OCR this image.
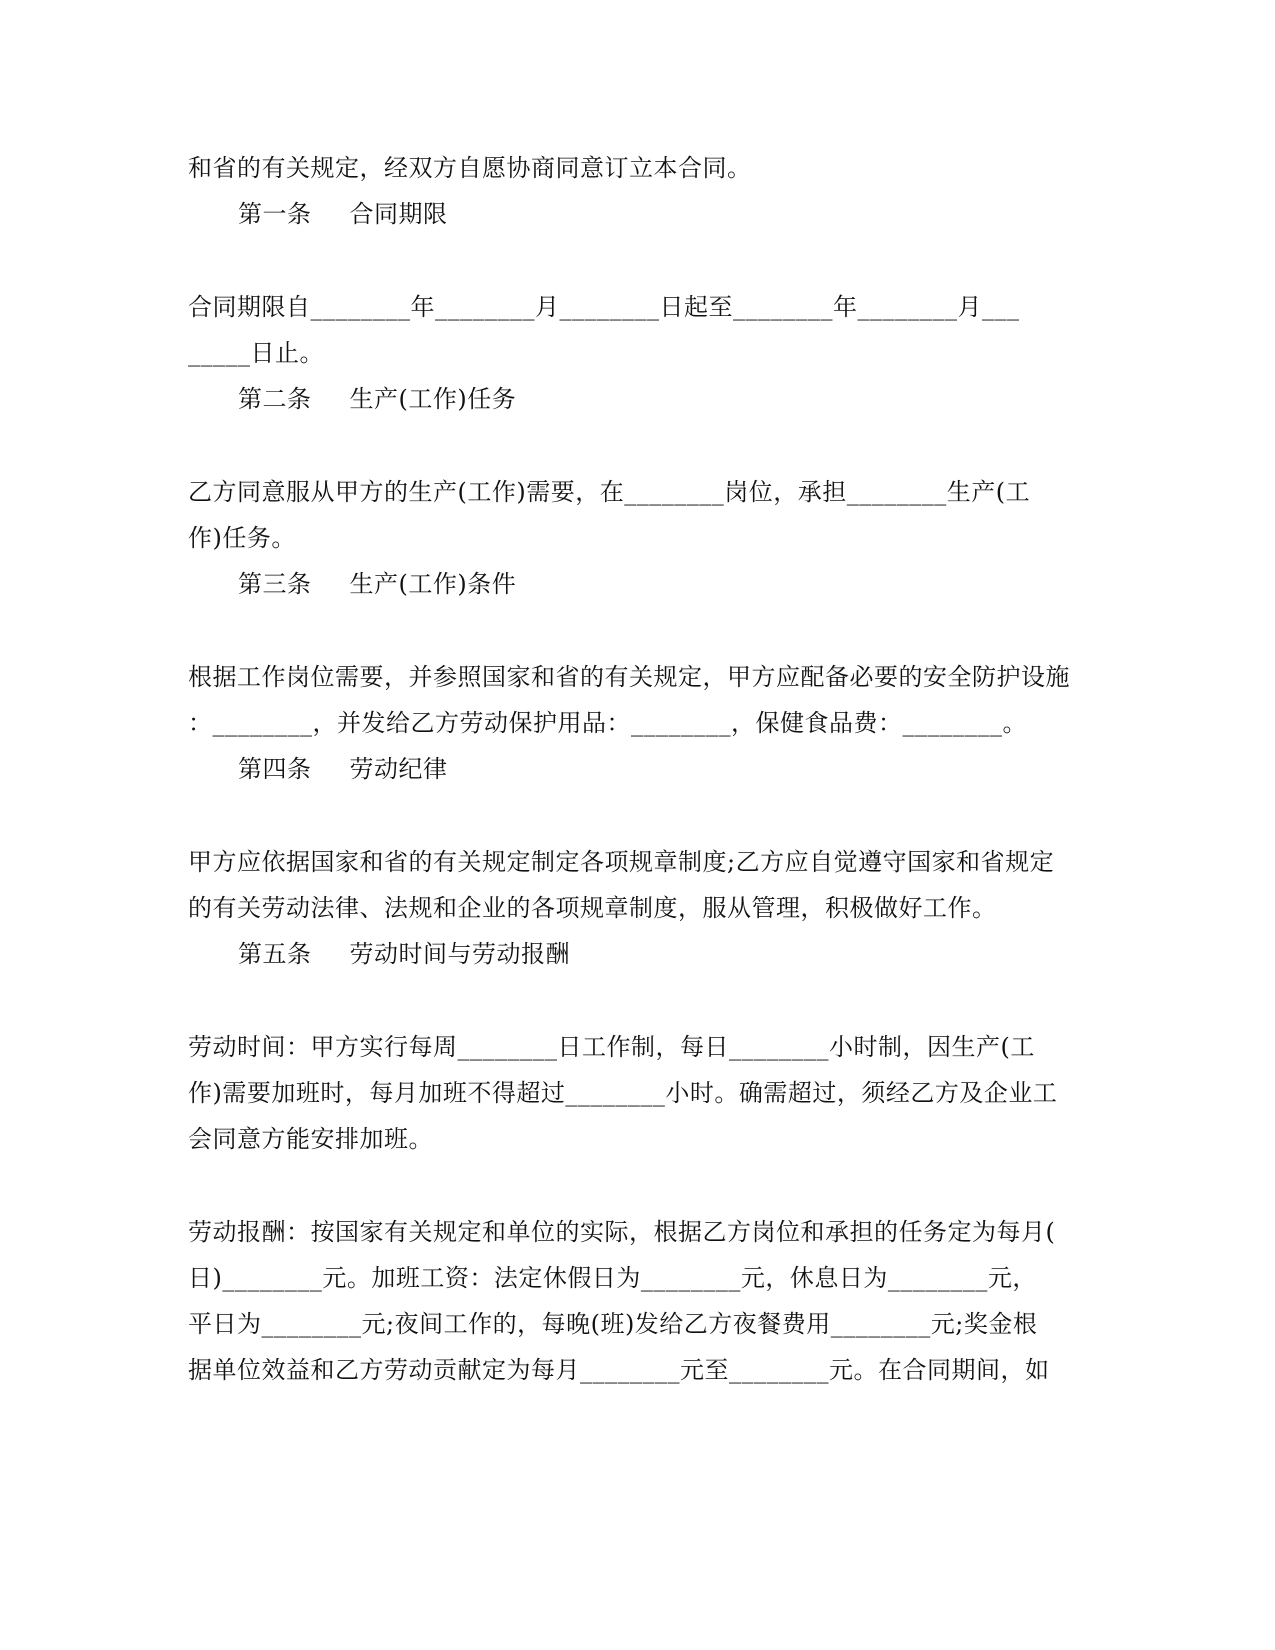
和省的有关规定，经双方自愿协商同意订立本合同。
第一条 合同期限
合同期限自________年________月________日起至________年________月___
_____日止。
第二条 生产(工作)任务
乙方同意服从甲方的生产(工作)需要，在________岗位，承担________生产(工
作)任务。
第三条 生产(工作)条件
根据工作岗位需要，并参照国家和省的有关规定，甲方应配备必要的安全防护设施
：________，并发给乙方劳动保护用品：________，保健食品费：________。
第四条 劳动纪律
甲方应依据国家和省的有关规定制定各项规章制度;乙方应自觉遵守国家和省规定
的有关劳动法律、法规和企业的各项规章制度，服从管理，积极做好工作。
第五条 劳动时间与劳动报酬
劳动时间：甲方实行每周________日工作制，每日________小时制，因生产(工
作)需要加班时，每月加班不得超过________小时。确需超过，须经乙方及企业工
会同意方能安排加班。
劳动报酬：按国家有关规定和单位的实际，根据乙方岗位和承担的任务定为每月(
日)________元。加班工资：法定休假日为________元，休息日为________元，
平日为________元;夜间工作的，每晚(班)发给乙方夜餐费用________元;奖金根
据单位效益和乙方劳动贡献定为每月________元至________元。在合同期间，如
